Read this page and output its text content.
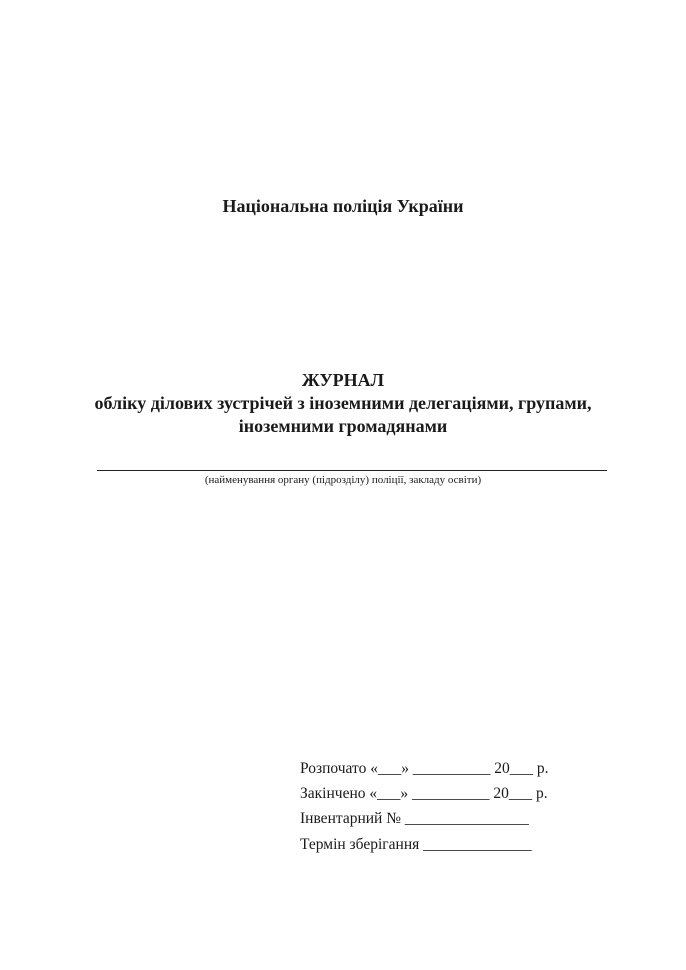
Національна поліція України
ЖУРНАЛ
обліку ділових зустрічей з іноземними делегаціями, групами,
іноземними громадянами
(найменування органу (підрозділу) поліції, закладу освіти)
Розпочато «___» __________ 20___ р.
Закінчено «___» __________ 20___ р.
Інвентарний № ________________
Термін зберігання ______________
